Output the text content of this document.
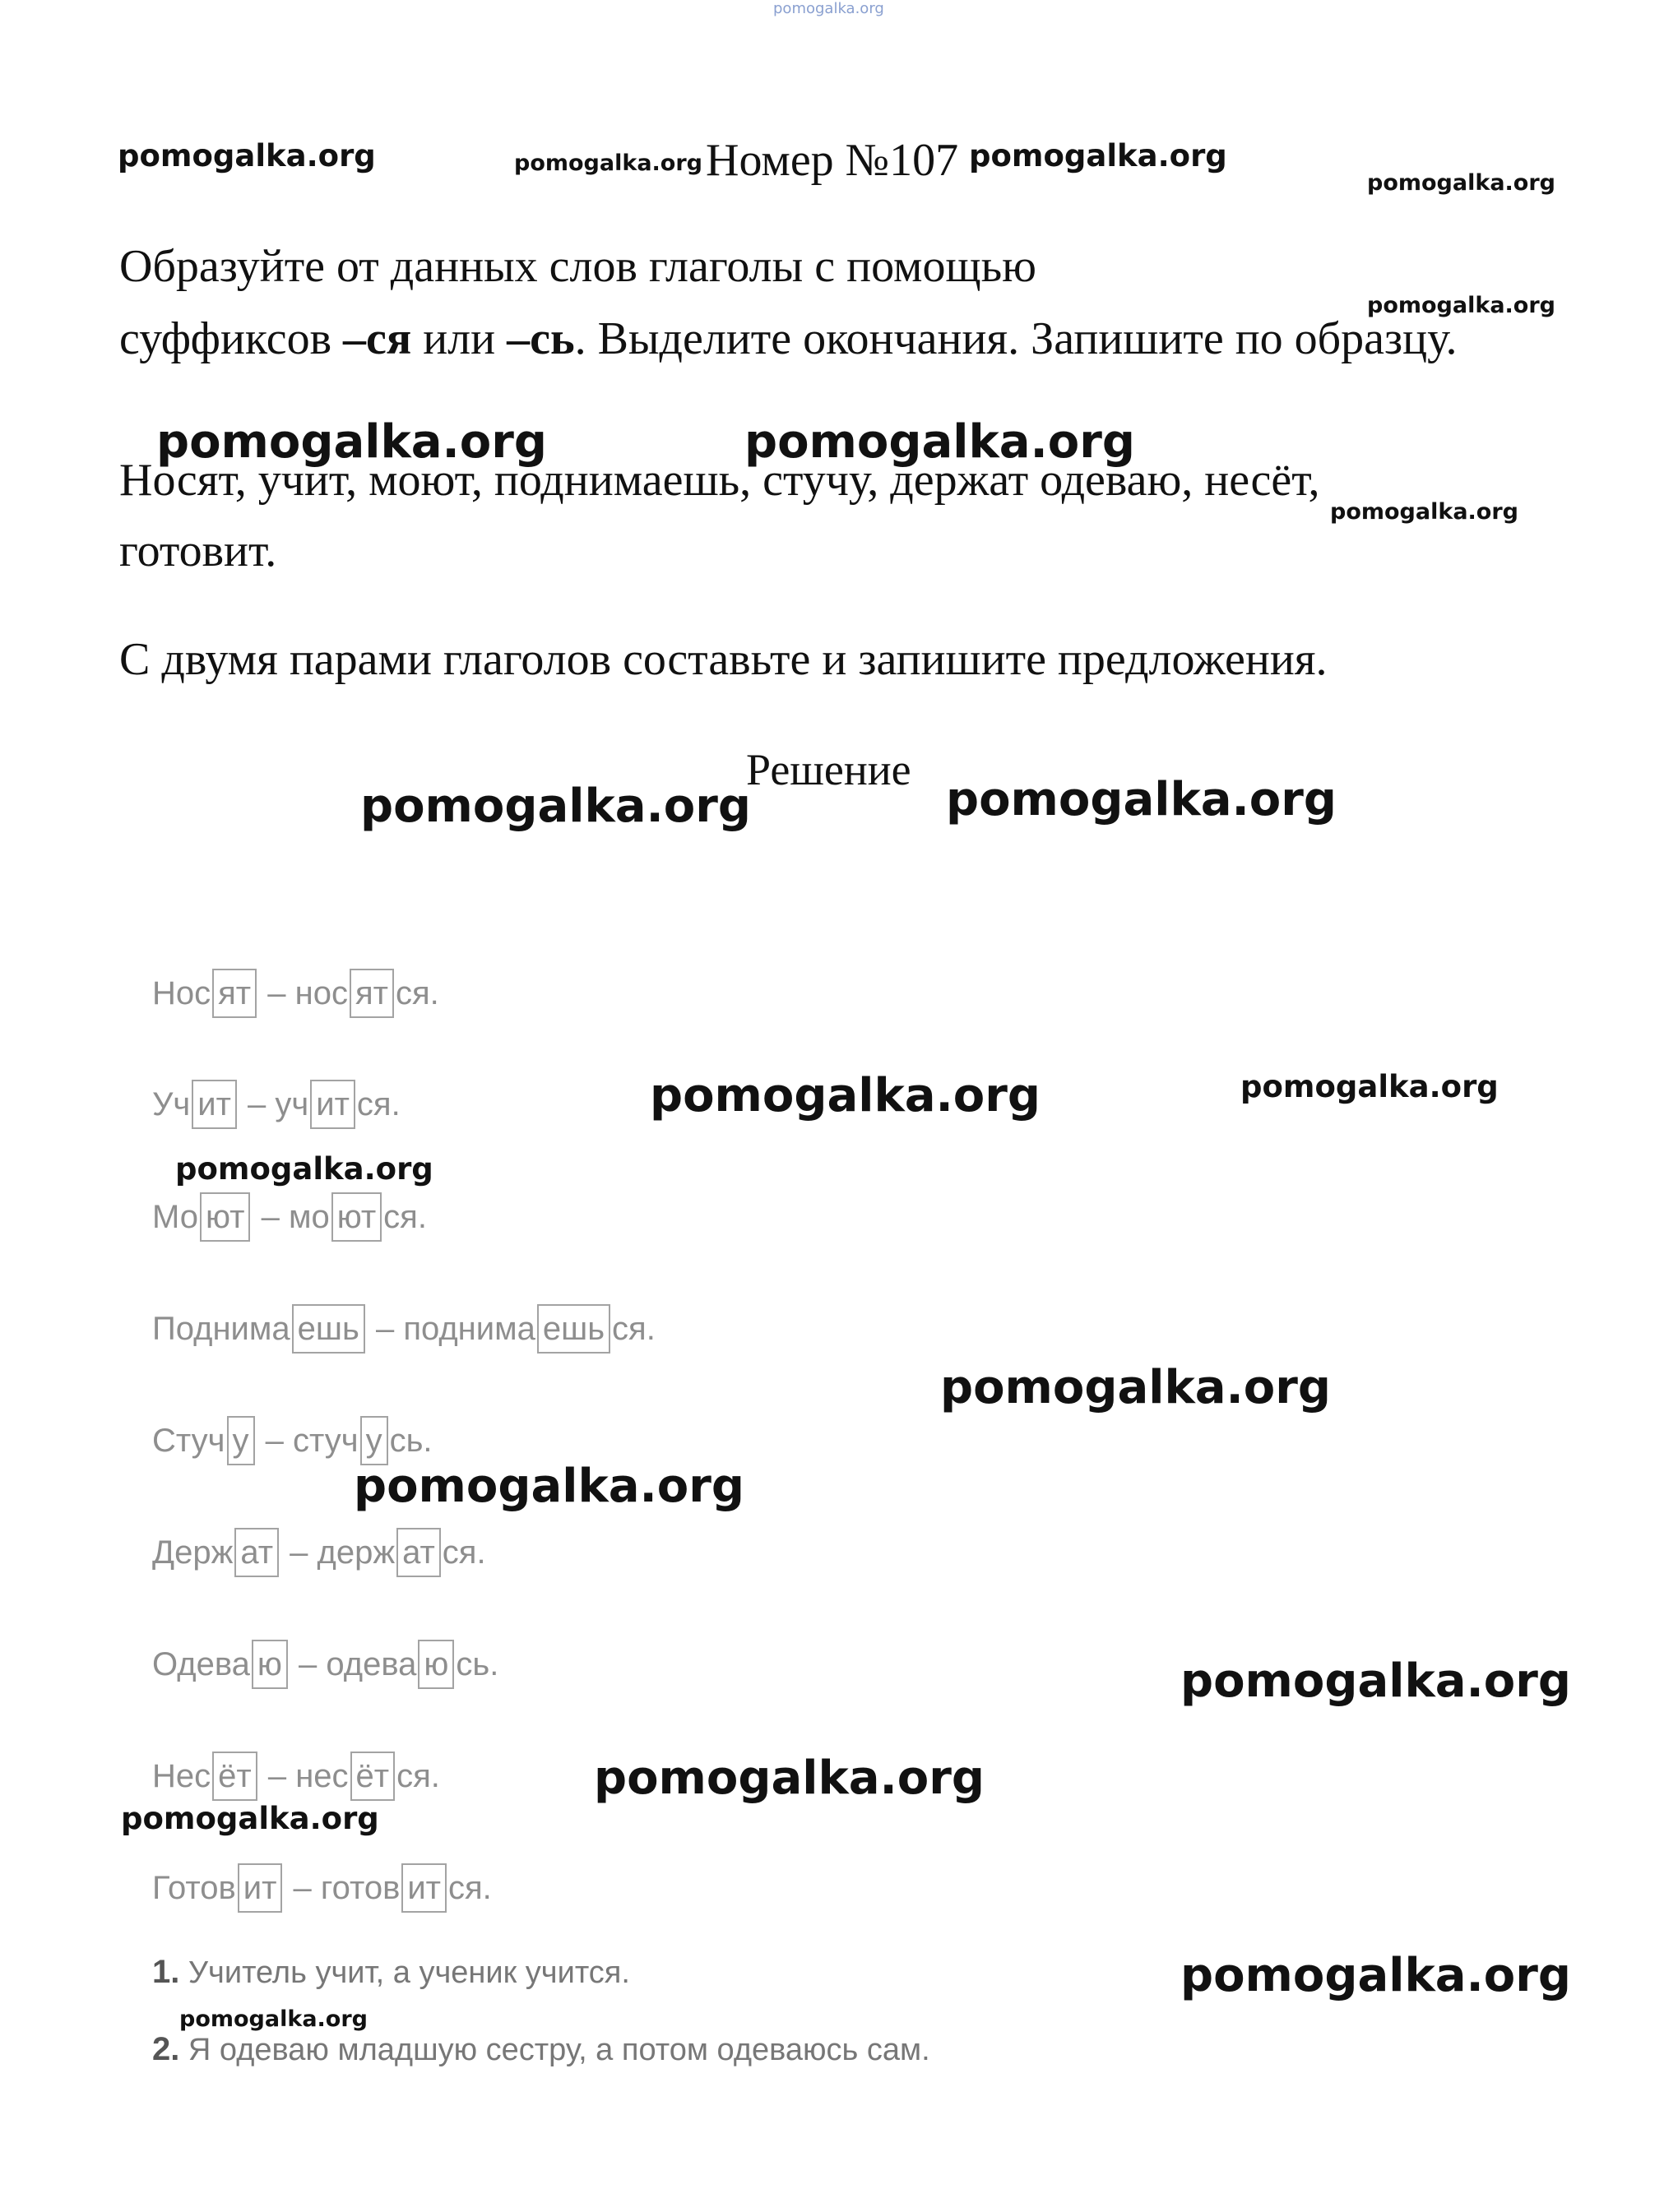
pomogalka.org
pomogalka.org	pomogalka.org Номер №107 pomogalka.org
pomogalka.org
Образуйте от данных слов глаголы с помощью
pomogalka.org
суффиксов –ся или –сь. Выделите окончания. Запишите по образцу.
Носят, учит, моют, поднимаешь, стучу, держат одеваю, несёт,
pomogalka.org	pomogalka.org
pomogalka.org
готовит.
С двумя парами глаголов составьте и запишите предложения.
Решение
pomogalka.org	pomogalka.org
Нос ят – нос ят ся.
Уч ит – уч ит ся.	pomogalka.org	pomogalka.org
pomogalka.org
Мо ют – мо ют ся.
Поднима ешь – поднима ешь ся.
pomogalka.org
Стуч у – стуч у сь.
pomogalka.org
Держ ат – держ ат ся.
Одева ю – одева ю сь.	pomogalka.org
Нес ёт – нес ёт ся.	pomogalka.org
pomogalka.org
Готов ит – готов ит ся.
1. Учитель учит, а ученик учится.	pomogalka.org
pomogalka.org
2. Я одеваю младшую сестру, а потом одеваюсь сам.
